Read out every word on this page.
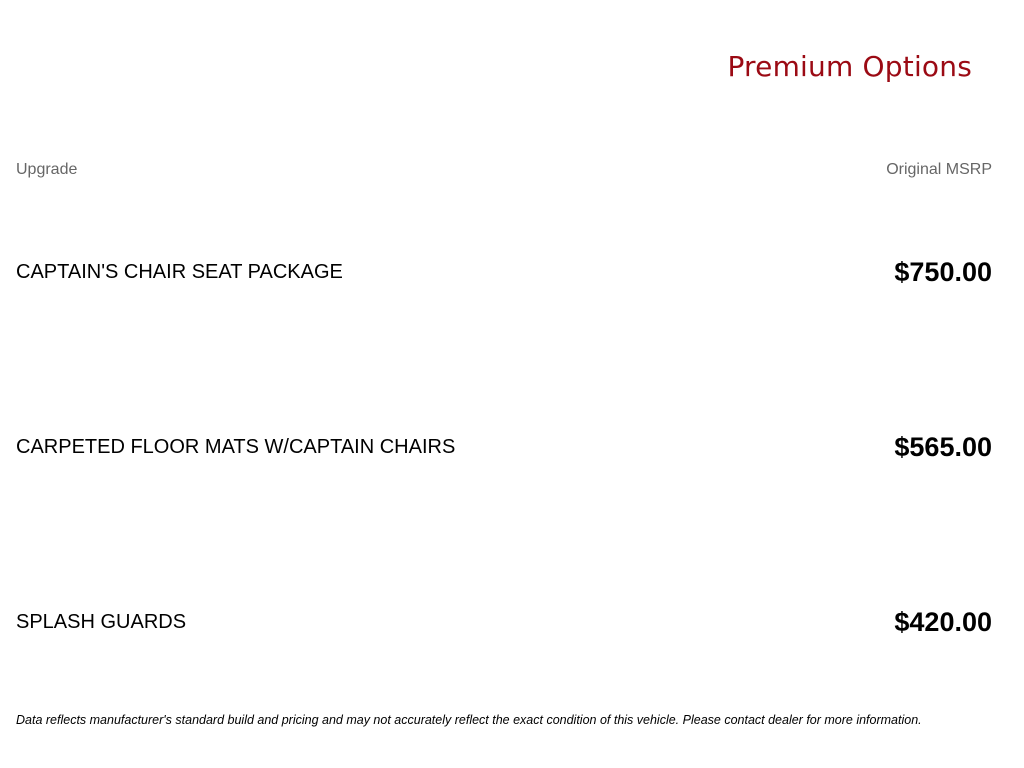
Premium Options
Upgrade	Original MSRP
CAPTAIN'S CHAIR SEAT PACKAGE	$750.00
CARPETED FLOOR MATS W/CAPTAIN CHAIRS	$565.00
SPLASH GUARDS	$420.00
Data reflects manufacturer's standard build and pricing and may not accurately reflect the exact condition of this vehicle. Please contact dealer for more information.
